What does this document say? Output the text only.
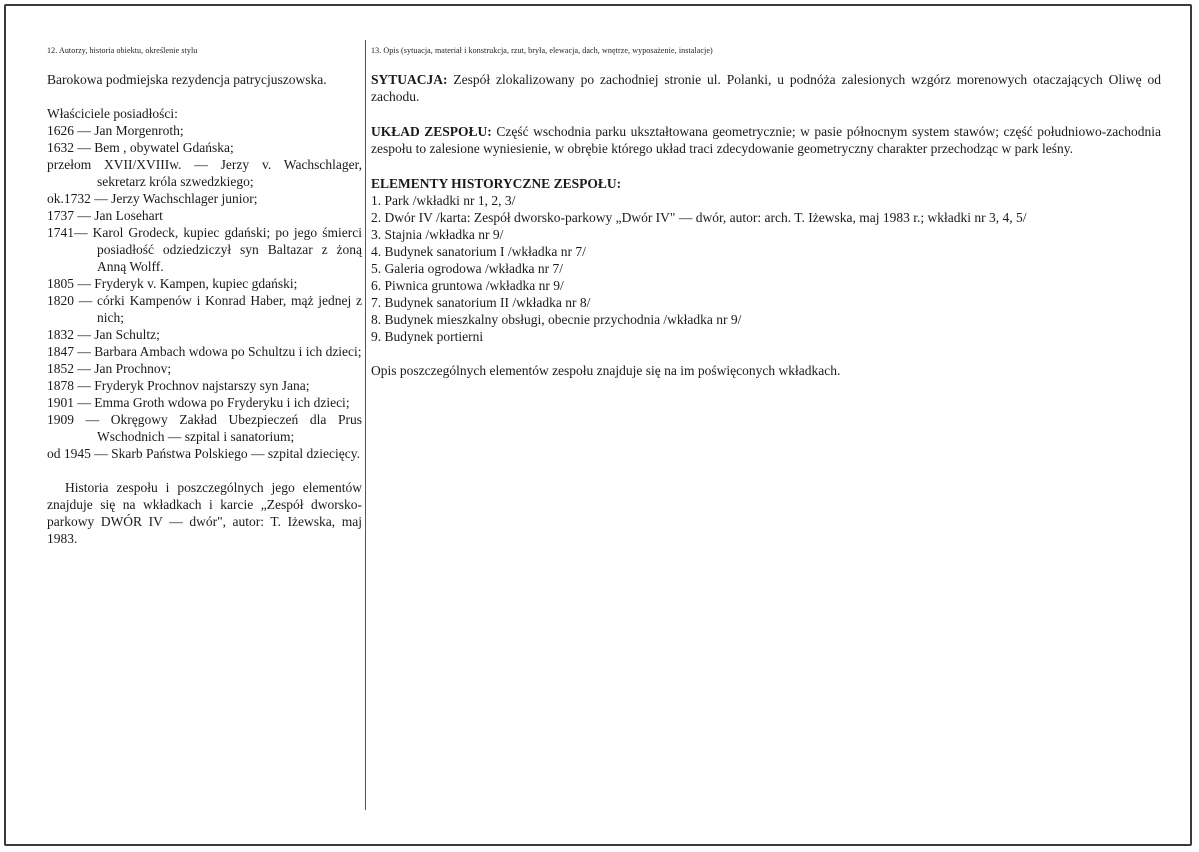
12. Autorzy, historia obiektu, określenie stylu

Barokowa podmiejska rezydencja patrycjuszowska.

Właściciele posiadłości:

1626 — Jan Morgenroth;
1632 — Bem , obywatel Gdańska;
przełom XVII/XVIIIw. — Jerzy v. Wachschlager, sekretarz króla szwedzkiego;
ok.1732 — Jerzy Wachschlager junior;
1737 — Jan Losehart
1741— Karol Grodeck, kupiec gdański; po jego śmierci posiadłość odziedziczył syn Baltazar z żoną Anną Wolff.
1805 — Fryderyk v. Kampen, kupiec gdański;
1820 — córki Kampenów i Konrad Haber, mąż jednej z nich;
1832 — Jan Schultz;
1847 — Barbara Ambach wdowa po Schultzu i ich dzieci;
1852 — Jan Prochnov;
1878 — Fryderyk Prochnov najstarszy syn Jana;
1901 — Emma Groth wdowa po Fryderyku i ich dzieci;
1909 — Okręgowy Zakład Ubezpieczeń dla Prus Wschodnich — szpital i sanatorium;
od 1945 — Skarb Państwa Polskiego — szpital dziecięcy.

Historia zespołu i poszczególnych jego elementów znajduje się na wkładkach i karcie „Zespół dworsko-parkowy DWÓR IV — dwór", autor: T. Iżewska, maj 1983.

13. Opis (sytuacja, materiał i konstrukcja, rzut, bryła, elewacja, dach, wnętrze, wyposażenie, instalacje)

SYTUACJA: Zespół zlokalizowany po zachodniej stronie ul. Polanki, u podnóża zalesionych wzgórz morenowych otaczających Oliwę od zachodu.

UKŁAD ZESPOŁU: Część wschodnia parku ukształtowana geometrycznie; w pasie północnym system stawów; część południowo-zachodnia zespołu to zalesione wyniesienie, w obrębie którego układ traci zdecydowanie geometryczny charakter przechodząc w park leśny.

ELEMENTY HISTORYCZNE ZESPOŁU:

1. Park /wkładki nr 1, 2, 3/
2. Dwór IV /karta: Zespół dworsko-parkowy „Dwór IV" — dwór, autor: arch. T. Iżewska, maj 1983 r.; wkładki nr 3, 4, 5/
3. Stajnia /wkładka nr 9/
4. Budynek sanatorium I /wkładka nr 7/
5. Galeria ogrodowa /wkładka nr 7/
6. Piwnica gruntowa /wkładka nr 9/
7. Budynek sanatorium II /wkładka nr 8/
8. Budynek mieszkalny obsługi, obecnie przychodnia /wkładka nr 9/
9. Budynek portierni

Opis poszczególnych elementów zespołu znajduje się na im poświęconych wkładkach.
